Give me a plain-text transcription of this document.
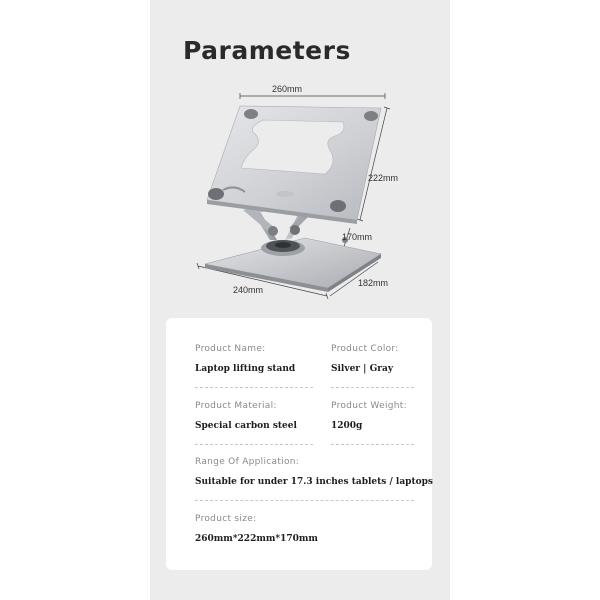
Parameters
260mm
222mm
170mm
240mm
182mm
Product Name:	Product Color:
Laptop lifting stand	Silver | Gray
Product Material:	Product Weight:
Special carbon steel	1200g
Range Of Application:
Suitable for under 17.3 inches tablets / laptops
Product size:
260mm*222mm*170mm
